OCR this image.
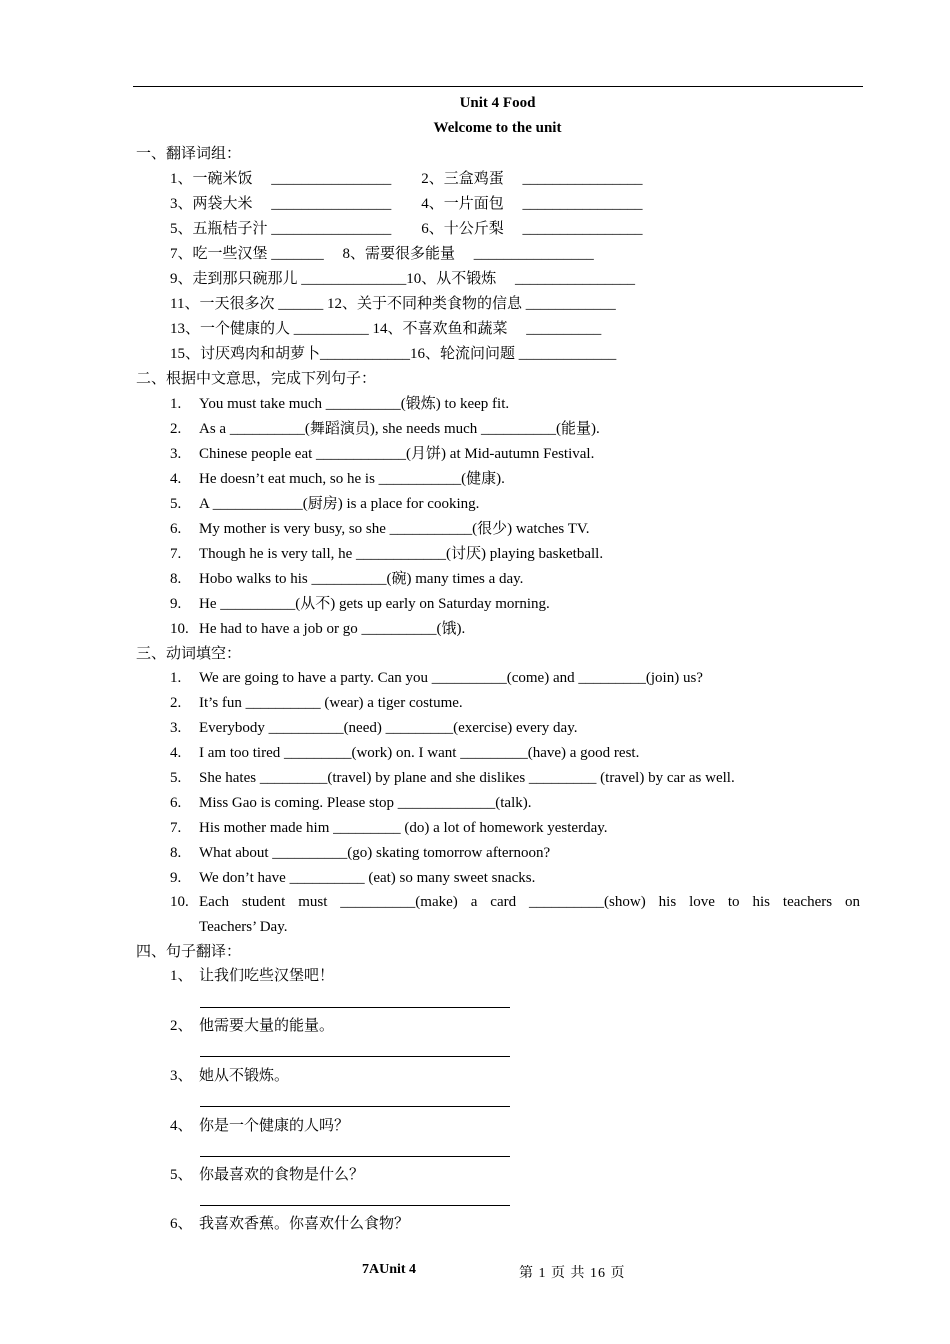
Unit 4 Food
Welcome to the unit
一、翻译词组：
1、一碗米饭　 ________________　　2、三盒鸡蛋　 ________________
3、两袋大米　 ________________　　4、一片面包　 ________________
5、五瓶桔子汁 ________________　　6、十公斤梨　 ________________
7、吃一些汉堡 _______　 8、需要很多能量　 ________________
9、走到那只碗那儿 ______________10、从不锻炼　 ________________
11、一天很多次 ______ 12、关于不同种类食物的信息 ____________
13、一个健康的人 __________ 14、不喜欢鱼和蔬菜　 __________
15、讨厌鸡肉和胡萝卜____________16、轮流问问题 _____________
二、根据中文意思，完成下列句子：
1. You must take much __________(锻炼) to keep fit.
2. As a __________(舞蹈演员), she needs much __________(能量).
3. Chinese people eat ____________(月饼) at Mid-autumn Festival.
4. He doesn’t eat much, so he is ___________(健康).
5. A ____________(厨房) is a place for cooking.
6. My mother is very busy, so she ___________(很少) watches TV.
7. Though he is very tall, he ____________(讨厌) playing basketball.
8. Hobo walks to his __________(碗) many times a day.
9. He __________(从不) gets up early on Saturday morning.
10. He had to have a job or go __________(饿).
三、动词填空：
1. We are going to have a party. Can you __________(come) and _________(join) us?
2. It’s fun __________ (wear) a tiger costume.
3. Everybody __________(need) _________(exercise) every day.
4. I am too tired _________(work) on. I want _________(have) a good rest.
5. She hates _________(travel) by plane and she dislikes _________ (travel) by car as well.
6. Miss Gao is coming. Please stop _____________(talk).
7. His mother made him _________ (do) a lot of homework yesterday.
8. What about __________(go) skating tomorrow afternoon?
9. We don’t have __________ (eat) so many sweet snacks.
10. Each student must __________(make) a card __________(show) his love to his teachers on
Teachers’ Day.
四、句子翻译：
1、 让我们吃些汉堡吧！
2、 他需要大量的能量。
3、 她从不锻炼。
4、 你是一个健康的人吗？
5、 你最喜欢的食物是什么？
6、 我喜欢香蕉。你喜欢什么食物？
7AUnit 4	第 1 页 共 16 页
